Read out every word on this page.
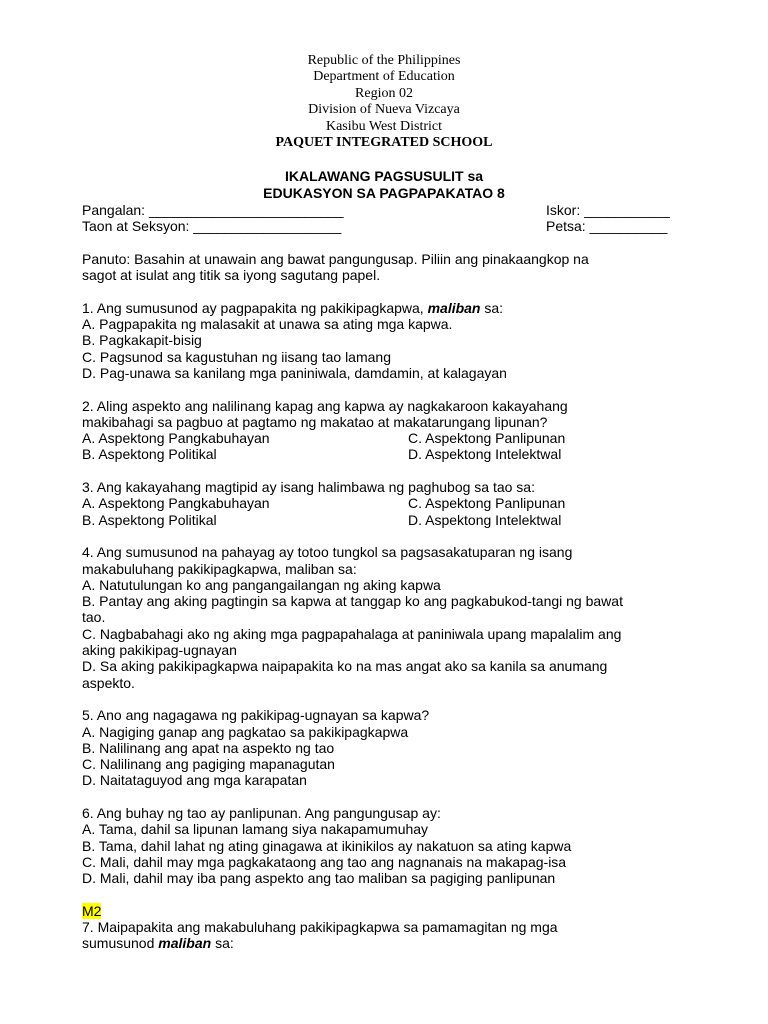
Republic of the Philippines
Department of Education
Region 02
Division of Nueva Vizcaya
Kasibu West District
PAQUET INTEGRATED SCHOOL
IKALAWANG PAGSUSULIT sa
EDUKASYON SA PAGPAPAKATAO 8
Pangalan: _________________________	Iskor: ___________
Taon at Seksyon: ___________________	Petsa: __________
Panuto: Basahin at unawain ang bawat pangungusap. Piliin ang pinakaangkop na
sagot at isulat ang titik sa iyong sagutang papel.
1. Ang sumusunod ay pagpapakita ng pakikipagkapwa, maliban sa:
A. Pagpapakita ng malasakit at unawa sa ating mga kapwa.
B. Pagkakapit-bisig
C. Pagsunod sa kagustuhan ng iisang tao lamang
D. Pag-unawa sa kanilang mga paniniwala, damdamin, at kalagayan
2. Aling aspekto ang nalilinang kapag ang kapwa ay nagkakaroon kakayahang
makibahagi sa pagbuo at pagtamo ng makatao at makatarungang lipunan?
A. Aspektong Pangkabuhayan	C. Aspektong Panlipunan
B. Aspektong Politikal	D. Aspektong Intelektwal
3. Ang kakayahang magtipid ay isang halimbawa ng paghubog sa tao sa:
A. Aspektong Pangkabuhayan	C. Aspektong Panlipunan
B. Aspektong Politikal	D. Aspektong Intelektwal
4. Ang sumusunod na pahayag ay totoo tungkol sa pagsasakatuparan ng isang
makabuluhang pakikipagkapwa, maliban sa:
A. Natutulungan ko ang pangangailangan ng aking kapwa
B. Pantay ang aking pagtingin sa kapwa at tanggap ko ang pagkabukod-tangi ng bawat
tao.
C. Nagbabahagi ako ng aking mga pagpapahalaga at paniniwala upang mapalalim ang
aking pakikipag-ugnayan
D. Sa aking pakikipagkapwa naipapakita ko na mas angat ako sa kanila sa anumang
aspekto.
5. Ano ang nagagawa ng pakikipag-ugnayan sa kapwa?
A. Nagiging ganap ang pagkatao sa pakikipagkapwa
B. Nalilinang ang apat na aspekto ng tao
C. Nalilinang ang pagiging mapanagutan
D. Naitataguyod ang mga karapatan
6. Ang buhay ng tao ay panlipunan. Ang pangungusap ay:
A. Tama, dahil sa lipunan lamang siya nakapamumuhay
B. Tama, dahil lahat ng ating ginagawa at ikinikilos ay nakatuon sa ating kapwa
C. Mali, dahil may mga pagkakataong ang tao ang nagnanais na makapag-isa
D. Mali, dahil may iba pang aspekto ang tao maliban sa pagiging panlipunan
M2
7. Maipapakita ang makabuluhang pakikipagkapwa sa pamamagitan ng mga
sumusunod maliban sa:
